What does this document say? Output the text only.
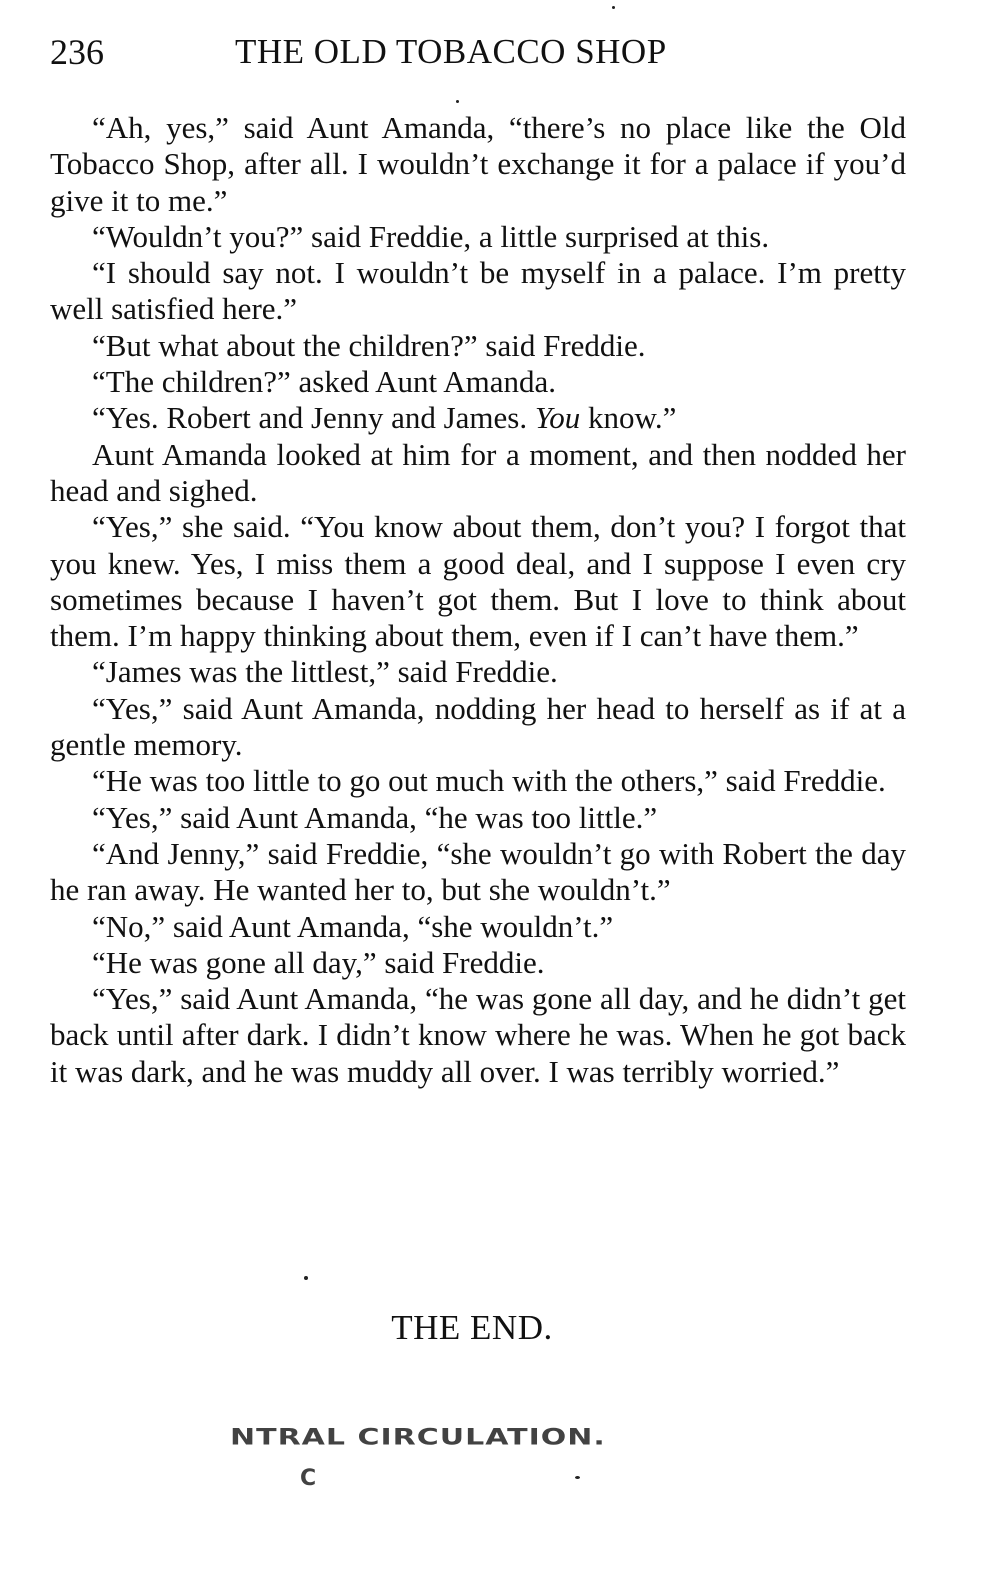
236	THE OLD TOBACCO SHOP

“Ah, yes,” said Aunt Amanda, “there’s no place like the Old Tobacco Shop, after all. I wouldn’t exchange it for a palace if you’d give it to me.”

“Wouldn’t you?” said Freddie, a little surprised at this.

“I should say not. I wouldn’t be myself in a palace. I’m pretty well satisfied here.”

“But what about the children?” said Freddie.

“The children?” asked Aunt Amanda.

“Yes. Robert and Jenny and James. You know.”

Aunt Amanda looked at him for a moment, and then nodded her head and sighed.

“Yes,” she said. “You know about them, don’t you? I forgot that you knew. Yes, I miss them a good deal, and I suppose I even cry sometimes because I haven’t got them. But I love to think about them. I’m happy thinking about them, even if I can’t have them.”

“James was the littlest,” said Freddie.

“Yes,” said Aunt Amanda, nodding her head to herself as if at a gentle memory.

“He was too little to go out much with the others,” said Freddie.

“Yes,” said Aunt Amanda, “he was too little.”

“And Jenny,” said Freddie, “she wouldn’t go with Robert the day he ran away. He wanted her to, but she wouldn’t.”

“No,” said Aunt Amanda, “she wouldn’t.”

“He was gone all day,” said Freddie.

“Yes,” said Aunt Amanda, “he was gone all day, and he didn’t get back until after dark. I didn’t know where he was. When he got back it was dark, and he was muddy all over. I was terribly worried.”

THE END.
NTRAL CIRCULATION.
C
